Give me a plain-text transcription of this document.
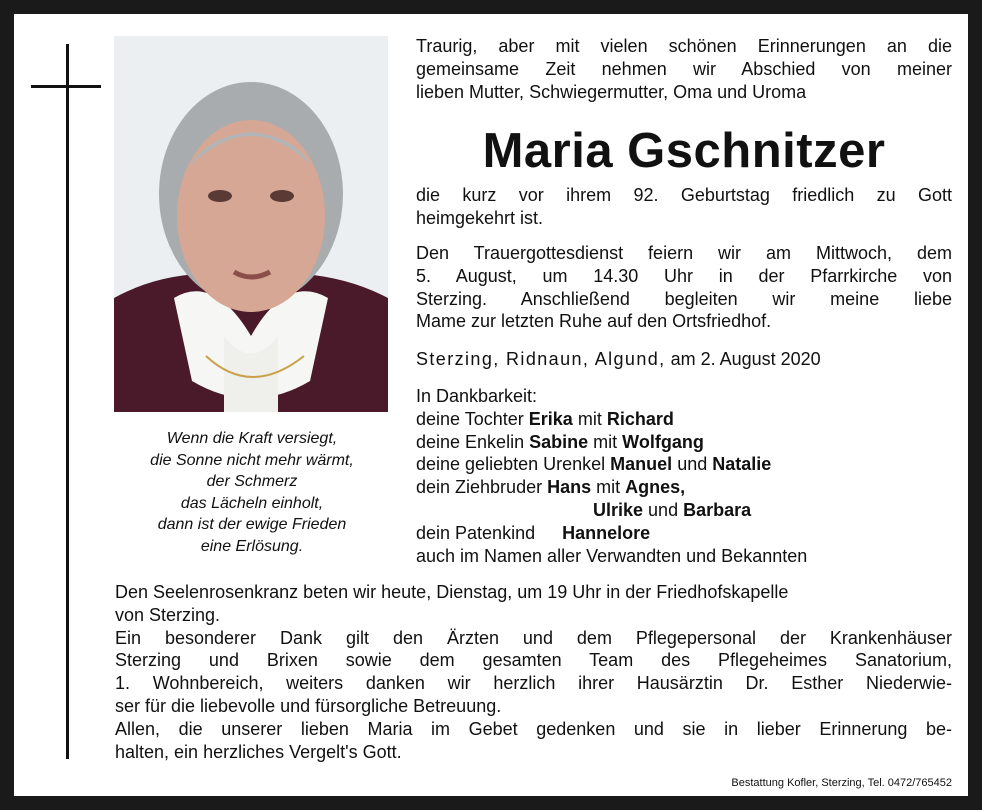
Wenn die Kraft versiegt,
die Sonne nicht mehr wärmt,
der Schmerz
das Lächeln einholt,
dann ist der ewige Frieden
eine Erlösung.
Traurig, aber mit vielen schönen Erinnerungen an die
gemeinsame Zeit nehmen wir Abschied von meiner
lieben Mutter, Schwiegermutter, Oma und Uroma
Maria Gschnitzer
die kurz vor ihrem 92. Geburtstag friedlich zu Gott
heimgekehrt ist.
Den Trauergottesdienst feiern wir am Mittwoch, dem
5. August, um 14.30 Uhr in der Pfarrkirche von
Sterzing. Anschließend begleiten wir meine liebe
Mame zur letzten Ruhe auf den Ortsfriedhof.
Sterzing, Ridnaun, Algund, am 2. August 2020
In Dankbarkeit:
deine Tochter Erika mit Richard
deine Enkelin Sabine mit Wolfgang
deine geliebten Urenkel Manuel und Natalie
dein Ziehbruder Hans mit Agnes,
Ulrike und Barbara
dein Patenkind Hannelore
auch im Namen aller Verwandten und Bekannten
Den Seelenrosenkranz beten wir heute, Dienstag, um 19 Uhr in der Friedhofskapelle
von Sterzing.
Ein besonderer Dank gilt den Ärzten und dem Pflegepersonal der Krankenhäuser
Sterzing und Brixen sowie dem gesamten Team des Pflegeheimes Sanatorium,
1. Wohnbereich, weiters danken wir herzlich ihrer Hausärztin Dr. Esther Niederwie-
ser für die liebevolle und fürsorgliche Betreuung.
Allen, die unserer lieben Maria im Gebet gedenken und sie in lieber Erinnerung be-
halten, ein herzliches Vergelt's Gott.
Bestattung Kofler, Sterzing, Tel. 0472/765452
